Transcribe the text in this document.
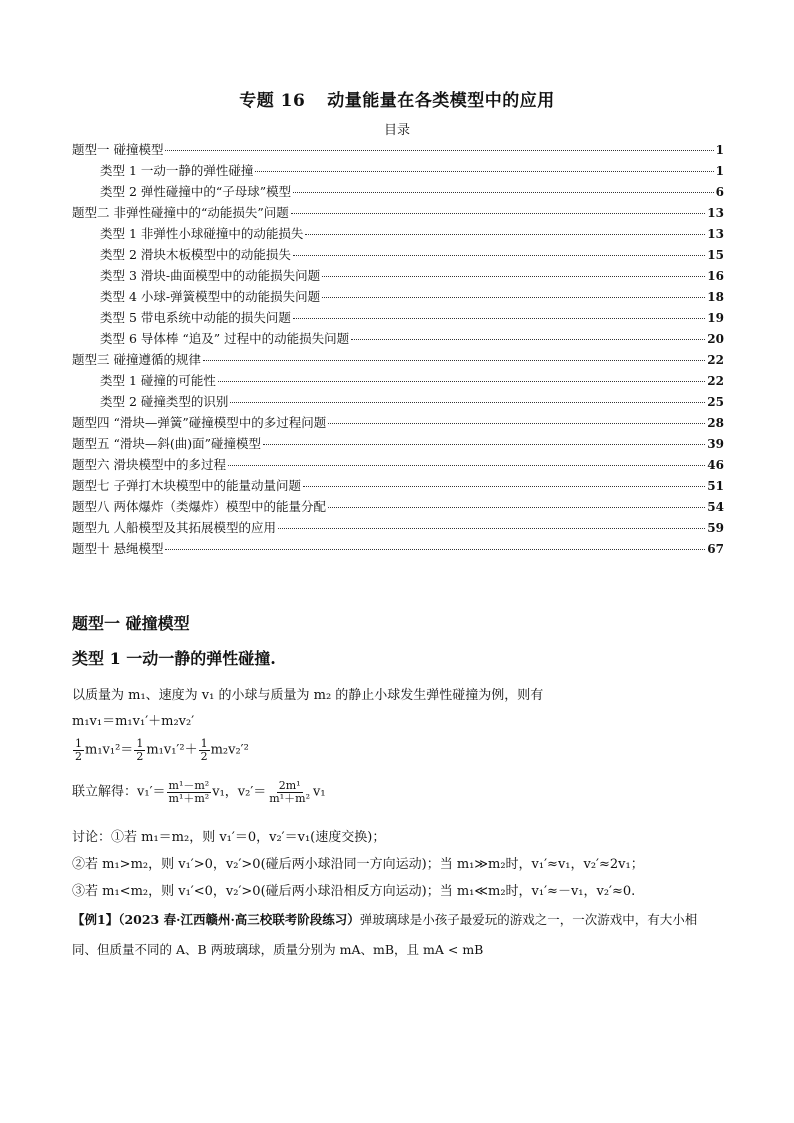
专题 16 动量能量在各类模型中的应用
目录
题型一 碰撞模型	1
类型 1 一动一静的弹性碰撞	1
类型 2 弹性碰撞中的“子母球”模型	6
题型二 非弹性碰撞中的“动能损失”问题	13
类型 1 非弹性小球碰撞中的动能损失	13
类型 2 滑块木板模型中的动能损失	15
类型 3 滑块-曲面模型中的动能损失问题	16
类型 4 小球-弹簧模型中的动能损失问题	18
类型 5 带电系统中动能的损失问题	19
类型 6 导体棒 “追及” 过程中的动能损失问题	20
题型三 碰撞遵循的规律	22
类型 1 碰撞的可能性	22
类型 2 碰撞类型的识别	25
题型四 “滑块—弹簧”碰撞模型中的多过程问题	28
题型五 “滑块—斜(曲)面”碰撞模型	39
题型六 滑块模型中的多过程	46
题型七 子弹打木块模型中的能量动量问题	51
题型八 两体爆炸（类爆炸）模型中的能量分配	54
题型九 人船模型及其拓展模型的应用	59
题型十 悬绳模型	67
题型一 碰撞模型
类型 1 一动一静的弹性碰撞.
以质量为 m₁、速度为 v₁ 的小球与质量为 m₂ 的静止小球发生弹性碰撞为例，则有
m₁v₁＝m₁v₁′＋m₂v₂′
$\frac{1}{2} m_1v_1^2= \frac{1}{2} m_1v_1'^2+ \frac{1}{2} m_2v_2'^2$
联立解得：$v_1'= \frac{\text{m¹－m²}}{\text{m¹＋m²}} v_1$，$v_2'= \frac{\text{2m¹}}{\text{m¹＋m²}} v_1$
讨论：①若 m₁＝m₂，则 v₁′＝0，v₂′＝v₁(速度交换)；
②若 m₁>m₂，则 v₁′>0，v₂′>0(碰后两小球沿同一方向运动)；当 m₁≫m₂时，v₁′≈v₁，v₂′≈2v₁；
③若 m₁<m₂，则 v₁′<0，v₂′>0(碰后两小球沿相反方向运动)；当 m₁≪m₂时，v₁′≈－v₁，v₂′≈0.
【例1】（2023 春·江西赣州·高三校联考阶段练习）弹玻璃球是小孩子最爱玩的游戏之一，一次游戏中，有大小相同、但质量不同的 A、B 两玻璃球，质量分别为 mA、mB，且 mA < mB
